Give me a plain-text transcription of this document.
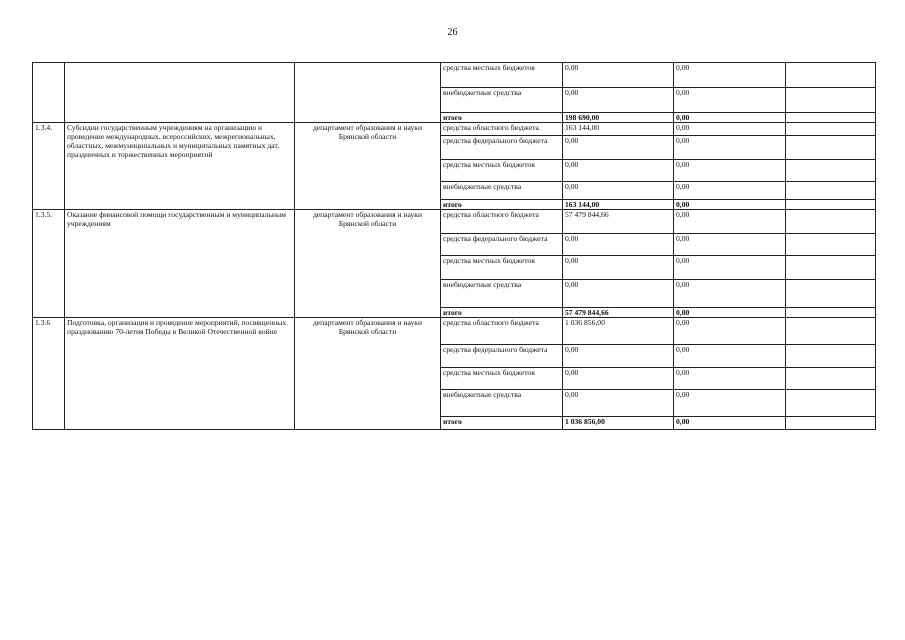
26
			средства местных бюджетов	0,00	0,00	
			внебюджетные средства	0,00	0,00	
			итого	198 690,00	0,00	
1.3.4.	Субсидии государственным учреждениям на организацию и проведение международных, всероссийских, межрегиональных, областных, межмуниципальных и муниципальных памятных дат, праздничных и торжественных мероприятий	департамент образования и науки Брянской области	средства областного бюджета	163 144,00	0,00	
			средства федерального бюджета	0,00	0,00	
			средства местных бюджетов	0,00	0,00	
			внебюджетные средства	0,00	0,00	
			итого	163 144,00	0,00	
1.3.5.	Оказание финансовой помощи государственным и муниципальным учреждениям	департамент образования и науки Брянской области	средства областного бюджета	57 479 844,66	0,00	
			средства федерального бюджета	0,00	0,00	
			средства местных бюджетов	0,00	0,00	
			внебюджетные средства	0,00	0,00	
			итого	57 479 844,66	0,00	
1.3.6	Подготовка, организация и проведение мероприятий, посвященных празднованию 70-летия Победы в Великой Отечественной войне	департамент образования и науки Брянской области	средства областного бюджета	1 036 856,00	0,00	
			средства федерального бюджета	0,00	0,00	
			средства местных бюджетов	0,00	0,00	
			внебюджетные средства	0,00	0,00	
			итого	1 036 856,00	0,00	
